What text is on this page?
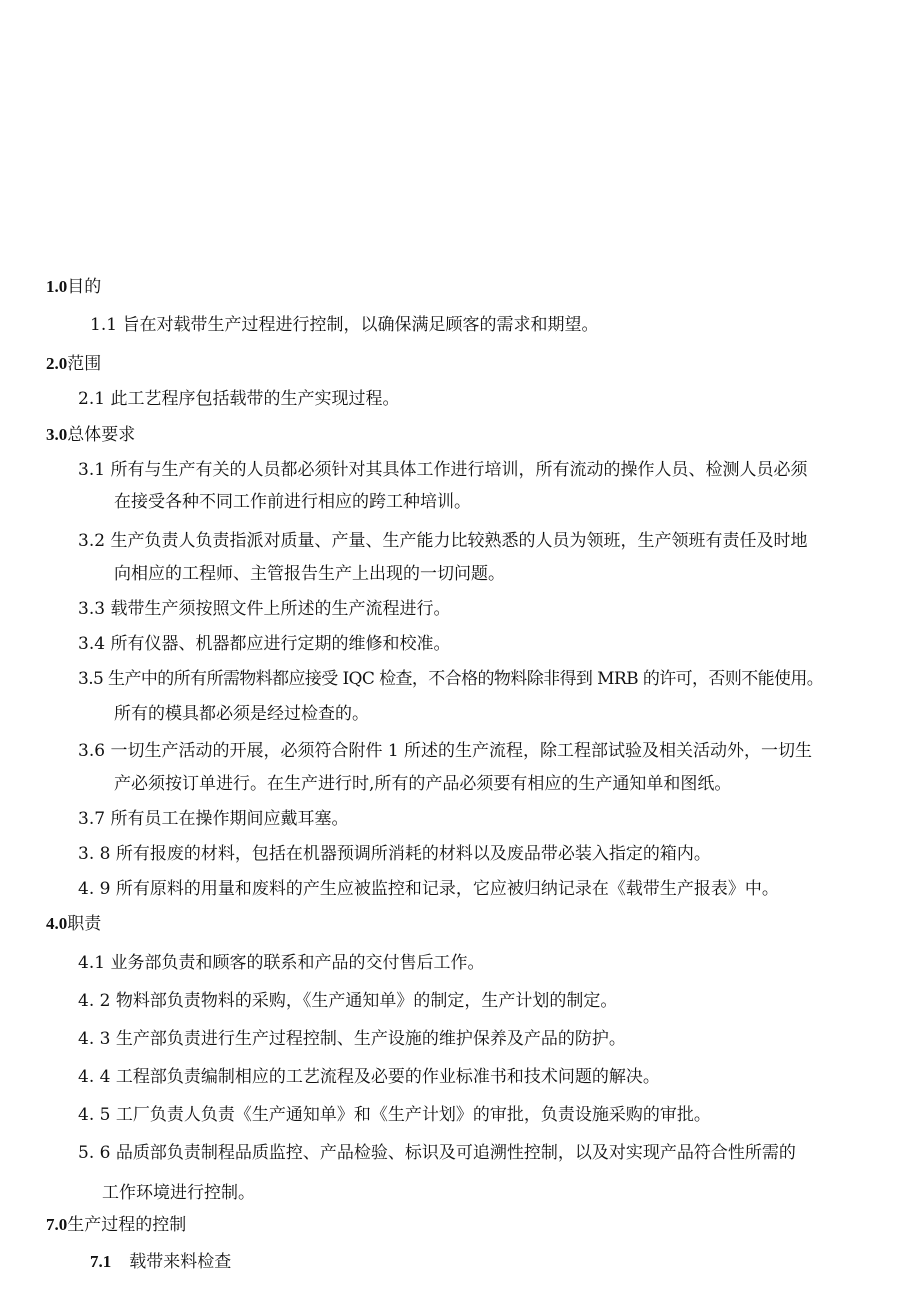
1.0目的
1.1 旨在对载带生产过程进行控制，以确保满足顾客的需求和期望。
2.0范围
2.1 此工艺程序包括载带的生产实现过程。
3.0总体要求
3.1 所有与生产有关的人员都必须针对其具体工作进行培训，所有流动的操作人员、检测人员必须
在接受各种不同工作前进行相应的跨工种培训。
3.2 生产负责人负责指派对质量、产量、生产能力比较熟悉的人员为领班，生产领班有责任及时地
向相应的工程师、主管报告生产上出现的一切问题。
3.3 载带生产须按照文件上所述的生产流程进行。
3.4 所有仪器、机器都应进行定期的维修和校准。
3.5 生产中的所有所需物料都应接受 IQC 检查，不合格的物料除非得到 MRB 的许可，否则不能使用。
所有的模具都必须是经过检查的。
3.6 一切生产活动的开展，必须符合附件 1 所述的生产流程，除工程部试验及相关活动外，一切生
产必须按订单进行。在生产进行时,所有的产品必须要有相应的生产通知单和图纸。
3.7 所有员工在操作期间应戴耳塞。
3. 8 所有报废的材料，包括在机器预调所消耗的材料以及废品带必装入指定的箱内。
4. 9 所有原料的用量和废料的产生应被监控和记录，它应被归纳记录在《载带生产报表》中。
4.0职责
4.1 业务部负责和顾客的联系和产品的交付售后工作。
4. 2 物料部负责物料的采购，《生产通知单》的制定，生产计划的制定。
4. 3 生产部负责进行生产过程控制、生产设施的维护保养及产品的防护。
4. 4 工程部负责编制相应的工艺流程及必要的作业标准书和技术问题的解决。
4. 5 工厂负责人负责《生产通知单》和《生产计划》的审批，负责设施采购的审批。
5. 6 品质部负责制程品质监控、产品检验、标识及可追溯性控制，以及对实现产品符合性所需的
工作环境进行控制。
7.0生产过程的控制
7.1 载带来料检查
